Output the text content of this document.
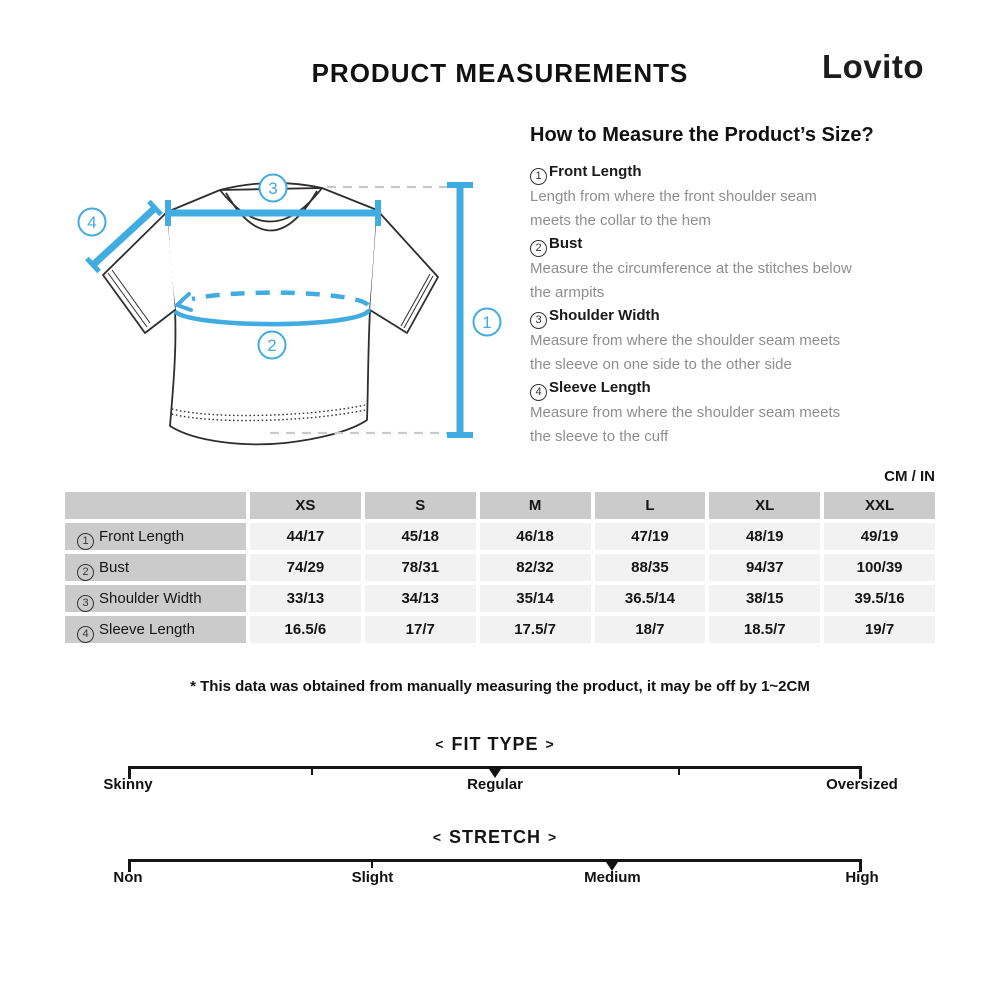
PRODUCT MEASUREMENTS	Lovito
3
4
2
1
How to Measure the Product’s Size?
1 Front Length
Length from where the front shoulder seam
meets the collar to the hem
2 Bust
Measure the circumference at the stitches below
the armpits
3 Shoulder Width
Measure from where the shoulder seam meets
the sleeve on one side to the other side
4 Sleeve Length
Measure from where the shoulder seam meets
the sleeve to the cuff
CM / IN
XS	S	M	L	XL	XXL
1 Front Length	44/17	45/18	46/18	47/19	48/19	49/19
2 Bust	74/29	78/31	82/32	88/35	94/37	100/39
3 Shoulder Width	33/13	34/13	35/14	36.5/14	38/15	39.5/16
4 Sleeve Length	16.5/6	17/7	17.5/7	18/7	18.5/7	19/7
* This data was obtained from manually measuring the product, it may be off by 1~2CM
< FIT TYPE >
Skinny	Regular	Oversized
< STRETCH >
Non	Slight	Medium	High
